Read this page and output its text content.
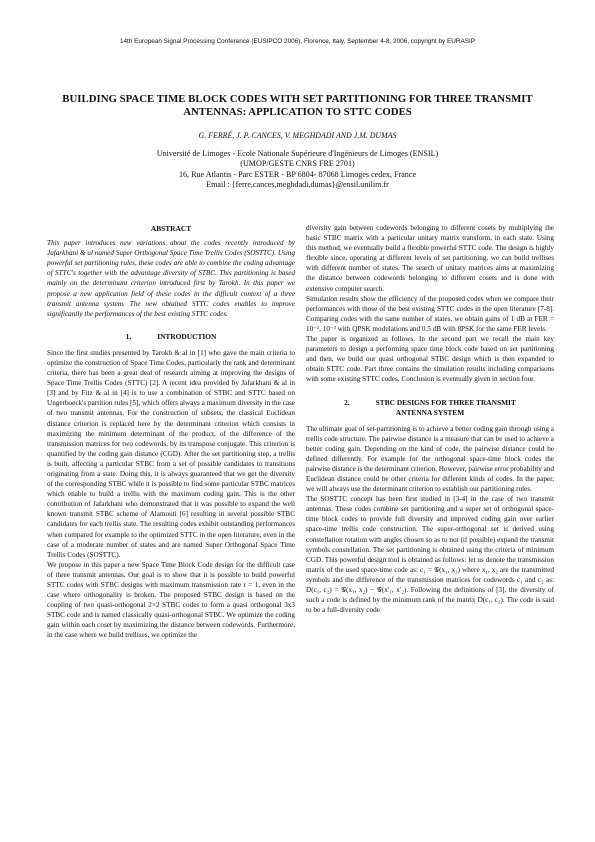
14th European Signal Processing Conference (EUSIPCO 2006), Florence, Italy, September 4-8, 2006, copyright by EURASIP
BUILDING SPACE TIME BLOCK CODES WITH SET PARTITIONING FOR THREE TRANSMIT ANTENNAS: APPLICATION TO STTC CODES
G. FERRÉ, J. P. CANCES, V. MEGHDADI AND J.M. DUMAS
Université de Limoges - Ecole Nationale Supérieure d'Ingénieurs de Limoges (ENSIL)
(UMOP/GESTE CNRS FRE 2701)
16, Rue Atlantis - Parc ESTER - BP 6804- 87068 Limoges cedex, France
Email : {ferre,cances,meghdadi,dumas}@ensil.unilim.fr
ABSTRACT

This paper introduces new variations about the codes recently introduced by Jafarkhani & al named Super Orthogonal Space Time Trellis Codes (SOSTTC). Using powerful set partitioning rules, these codes are able to combine the coding advantage of STTC's together with the advantage diversity of STBC. This partitioning is based mainly on the determinant criterion introduced first by Tarokh. In this paper we propose a new application field of these codes in the difficult context of a three transmit antenna system. The new obtained STTC codes enables to improve significantly the performances of the best existing STTC codes.

1.	INTRODUCTION

Since the first studies presented by Tarokh & al in [1] who gave the main criteria to optimize the construction of Space Time Codes, particularly the rank and determinant criteria, there has been a great deal of research aiming at improving the designs of Space Time Trellis Codes (STTC) [2]. A recent idea provided by Jafarkhani & al in [3] and by Fitz & al in [4] is to use a combination of STBC and STTC based on Ungerboeck's partition rules [5], which offers always a maximum diversity in the case of two transmit antennas. For the construction of subsets, the classical Euclidean distance criterion is replaced here by the determinant criterion which consists in maximizing the minimum determinant of the product, of the difference of the transmission matrices for two codewords, by its transpose conjugate. This criterion is quantified by the coding gain distance (CGD). After the set partitioning step, a trellis is built, affecting a particular STBC from a set of possible candidates to transitions originating from a state. Doing this, it is always guaranteed that we get the diversity of the corresponding STBC while it is possible to find some particular STBC matrices which enable to build a trellis with the maximum coding gain. This is the other contribution of Jafarkhani who demonstrated that it was possible to expand the well known transmit STBC scheme of Alamouti [6] resulting in several possible STBC candidates for each trellis state. The resulting codes exhibit outstanding performances when compared for example to the optimized STTC in the open literature, even in the case of a moderate number of states and are named Super Orthogonal Space Time Trellis Codes (SOSTTC).

We propose in this paper a new Space Time Block Code design for the difficult case of three transmit antennas. Our goal is to show that it is possible to build powerful STTC codes with STBC designs with maximum transmission rate r = 1, even in the case where orthogonality is broken. The proposed STBC design is based on the coupling of two quasi-orthogonal 2×2 STBC codes to form a quasi orthogonal 3x3 STBC code and is named classically quasi-orthogonal STBC. We optimize the coding gain within each coset by maximizing the distance between codewords. Furthermore, in the case where we build trellises, we optimize the

diversity gain between codewords belonging to different cosets by multiplying the basic STBC matrix with a particular unitary matrix transform, in each state. Using this method, we eventually build a flexible powerful STTC code. The design is highly flexible since, operating at different levels of set partitioning, we can build trellises with different number of states. The search of unitary matrices aims at maximizing the distance between codewords belonging to different cosets and is done with extensive computer search.

Simulation results show the efficiency of the proposed codes when we compare their performances with those of the best existing STTC codes in the open literature [7-8]. Comparing codes with the same number of states, we obtain gains of 1 dB at FER = 10⁻², 10⁻³ with QPSK modulations and 0.5 dB with 8PSK for the same FER levels.

The paper is organized as follows. In the second part we recall the main key parameters to design a performing space time block code based on set partitioning and then, we build our quasi orthogonal STBC design which is then expanded to obtain STTC code. Part three contains the simulation results including comparisons with some existing STTC codes. Conclusion is eventually given in section four.

2.	STBC DESIGNS FOR THREE TRANSMIT
ANTENNA SYSTEM

The ultimate goal of set-partitioning is to achieve a better coding gain through using a trellis code structure. The pairwise distance is a measure that can be used to achieve a better coding gain. Depending on the kind of code, the pairwise distance could be defined differently. For example for the orthogonal space-time block codes the pairwise distance is the determinant criterion. However, pairwise error probability and Euclidean distance could be other criteria for different kinds of codes. In the paper, we will always use the determinant criterion to establish our partitioning rules.

The SOSTTC concept has been first studied in [3-4] in the case of two transmit antennas. These codes combine set partitioning and a super set of orthogonal space-time block codes to provide full diversity and improved coding gain over earlier space-time trellis code construction. The super-orthogonal set is derived using constellation rotation with angles chosen so as to not (if possible) expand the transmit symbols constellation. The set partitioning is obtained using the criteria of minimum CGD. This powerful design tool is obtained as follows: let us denote the transmission matrix of the used space-time code as: c₁ = 𝒢(x₁, x₂) where x₁, x₂ are the transmitted symbols and the difference of the transmission matrices for codewords c₁ and c₂ as: D(c₁, c₂) = 𝒢(x₁, x₂) − 𝒢(x′₁, x′₂). Following the definitions of [3], the diversity of such a code is defined by the minimum rank of the matrix D(c₁, c₂). The code is said to be a full-diversity code
